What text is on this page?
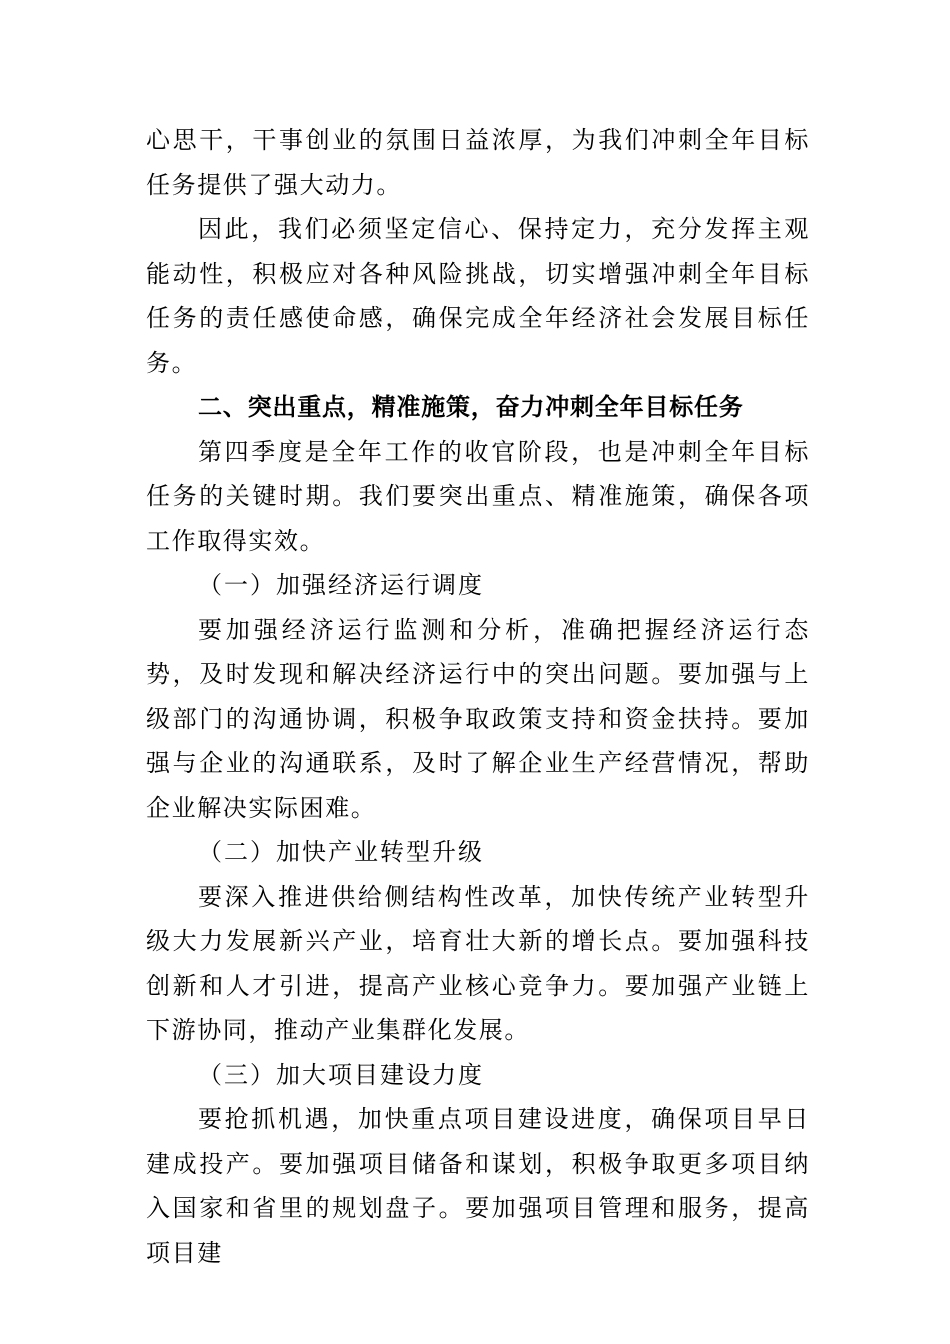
心思干，干事创业的氛围日益浓厚，为我们冲刺全年目标任务提供了强大动力。

因此，我们必须坚定信心、保持定力，充分发挥主观能动性，积极应对各种风险挑战，切实增强冲刺全年目标任务的责任感使命感，确保完成全年经济社会发展目标任务。

二、突出重点，精准施策，奋力冲刺全年目标任务

第四季度是全年工作的收官阶段，也是冲刺全年目标任务的关键时期。我们要突出重点、精准施策，确保各项工作取得实效。

（一）加强经济运行调度

要加强经济运行监测和分析，准确把握经济运行态势，及时发现和解决经济运行中的突出问题。要加强与上级部门的沟通协调，积极争取政策支持和资金扶持。要加强与企业的沟通联系，及时了解企业生产经营情况，帮助企业解决实际困难。

（二）加快产业转型升级

要深入推进供给侧结构性改革，加快传统产业转型升级大力发展新兴产业，培育壮大新的增长点。要加强科技创新和人才引进，提高产业核心竞争力。要加强产业链上下游协同，推动产业集群化发展。

（三）加大项目建设力度

要抢抓机遇，加快重点项目建设进度，确保项目早日建成投产。要加强项目储备和谋划，积极争取更多项目纳入国家和省里的规划盘子。要加强项目管理和服务，提高项目建
